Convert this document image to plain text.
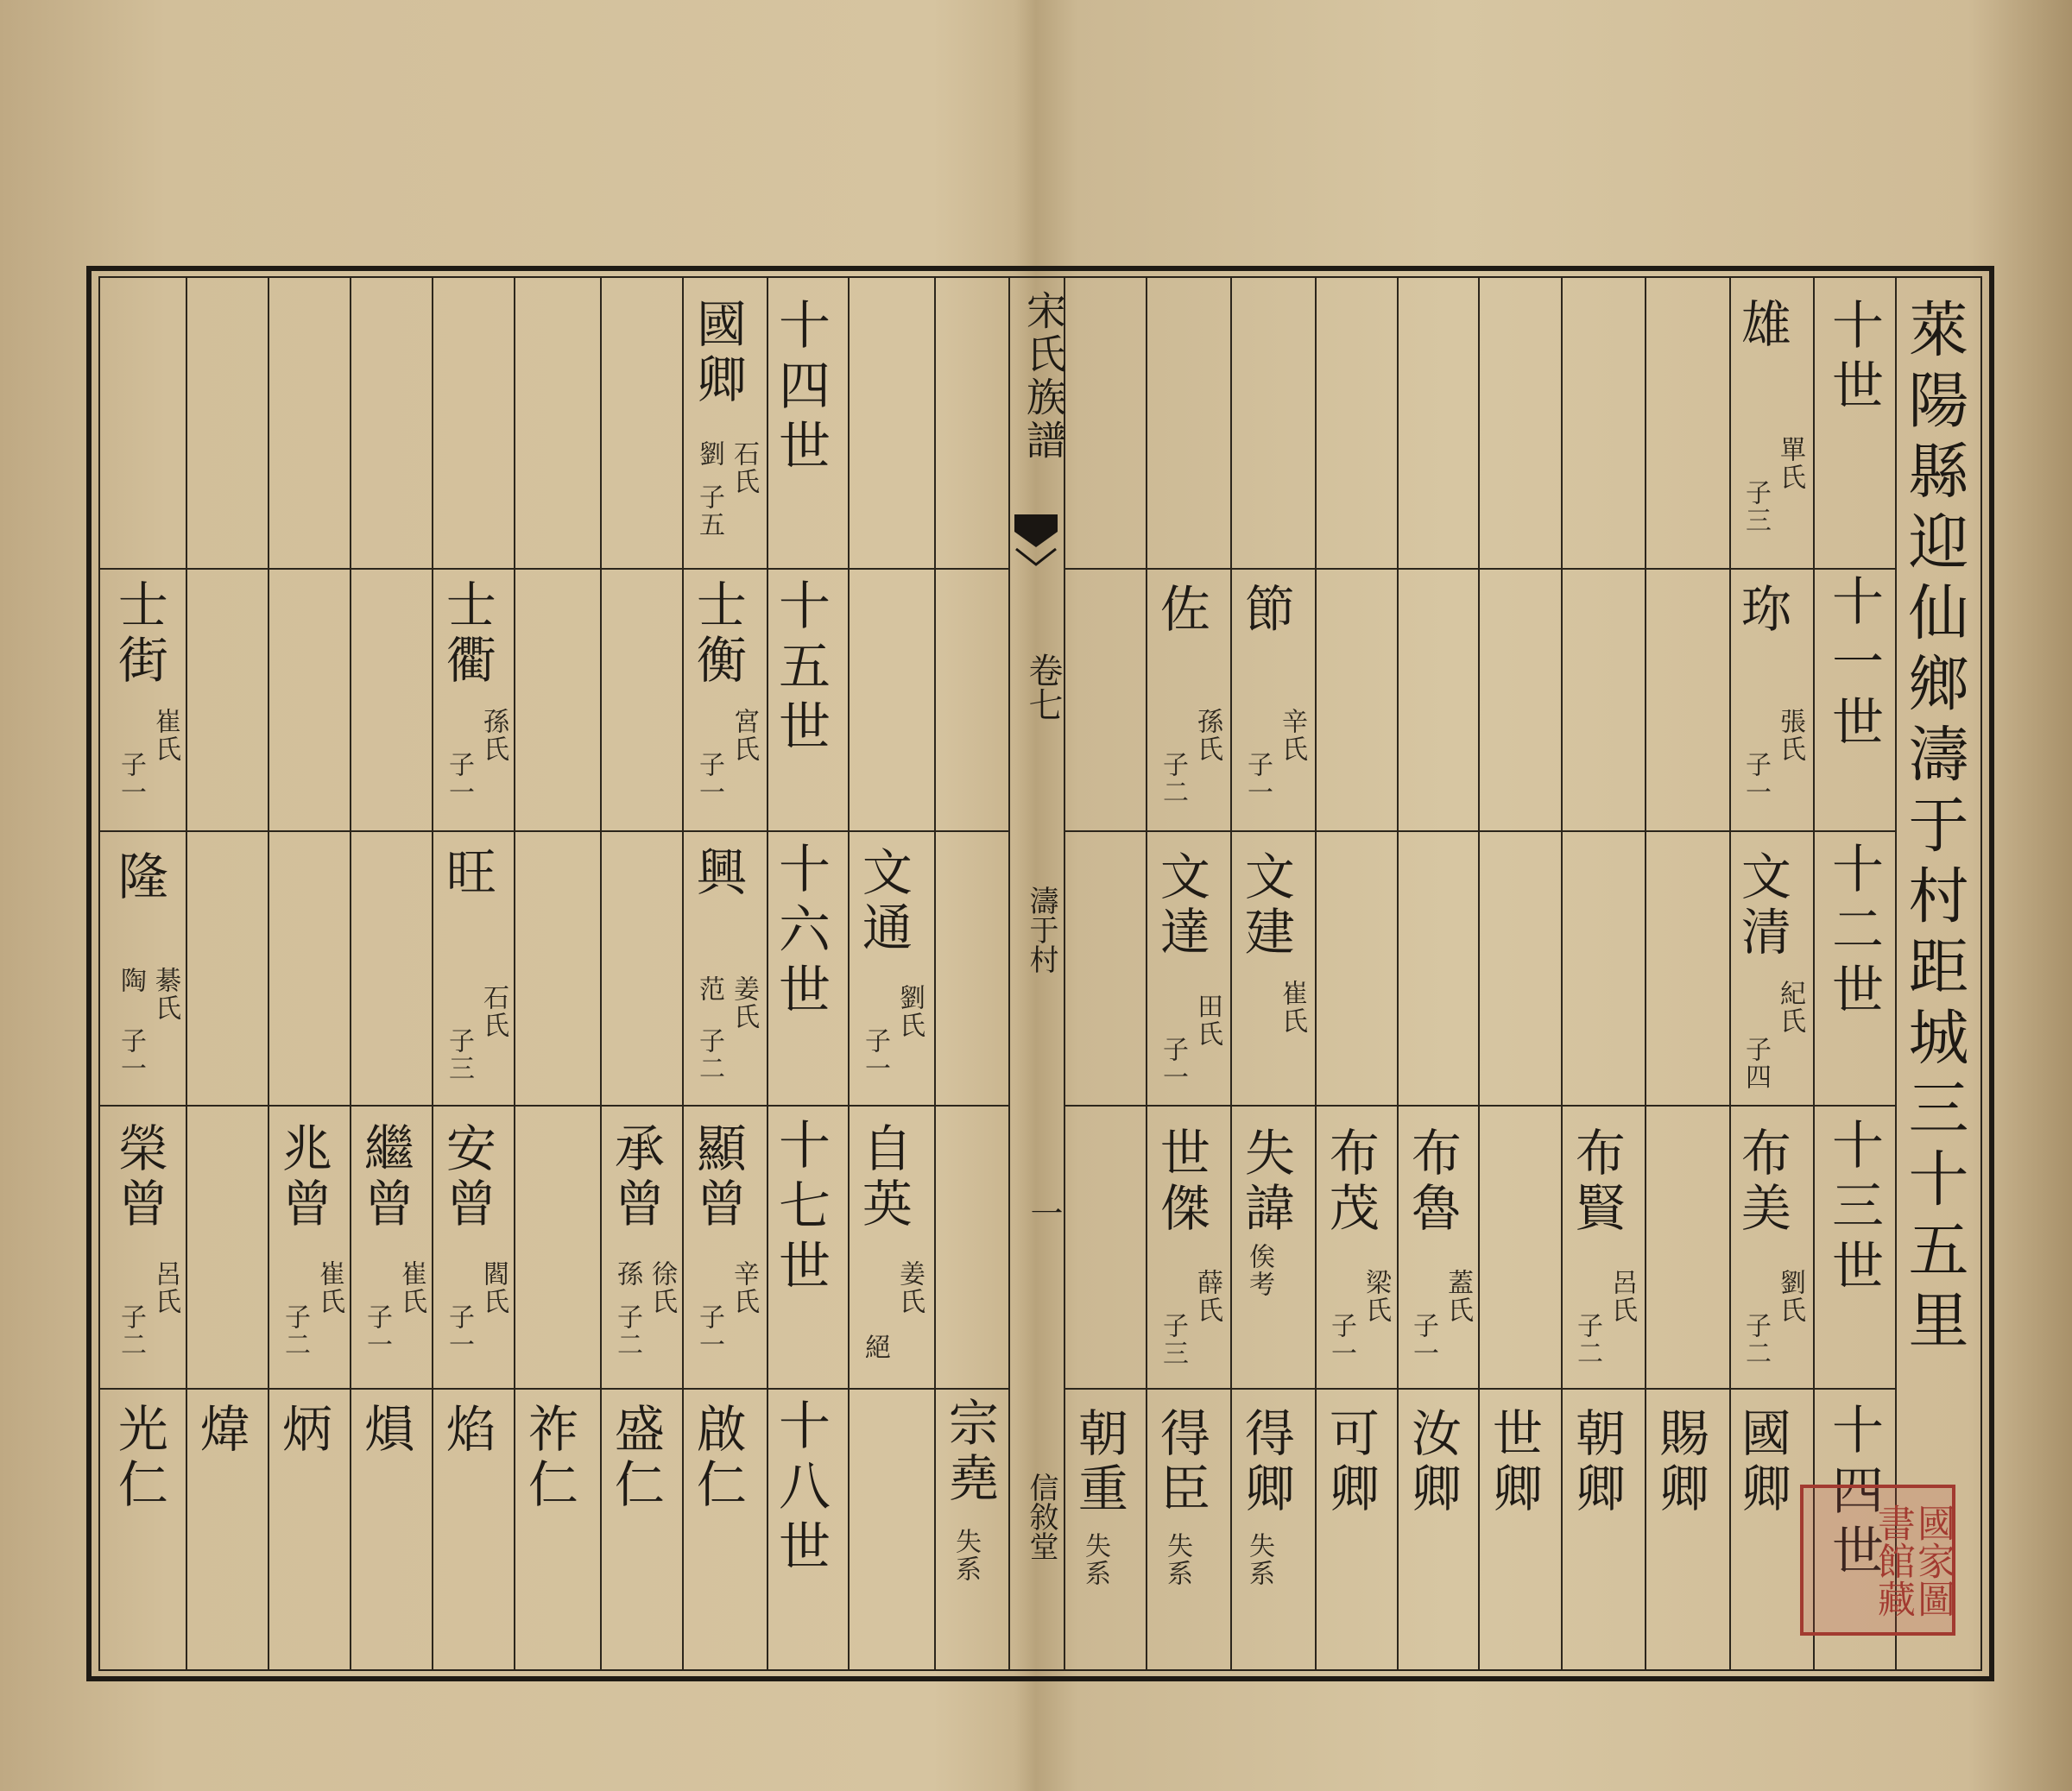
萊陽縣迎仙鄉濤于村距城三十五里
十世
十一世
十二世
十三世
十四世
雄
單氏
子三
珎
張氏
子一
文清
紀氏
子四
布美
劉氏
子二
國卿
賜卿
布賢
呂氏
子二
朝卿
世卿
布魯
蓋氏
子一
汝卿
布茂
梁氏
子一
可卿
節
辛氏
子一
文建
崔氏
失諱
俟考
得卿
失系
佐
孫氏
子二
文達
田氏
子一
世傑
薛氏
子三
得臣
失系
朝重
失系
宋氏族譜
卷七
濤于村
一
信敘堂
十四世
十五世
十六世
十七世
十八世 宗堯
失系
文通
劉氏
子一
自英
姜氏
絕
國卿
石氏
劉
子五
士衡
宮氏
子一
興
姜氏
范
子二
顯曾
辛氏
子一
啟仁
承曾
徐氏
孫
子二
盛仁
祚仁
士衢
孫氏
子一
旺
石氏
子三
安曾
閻氏
子一
焰
繼曾
崔氏
子一
熉
兆曾
崔氏
子二
炳
煒
士街
崔氏
子一
隆
綦氏
陶
子一
榮曾
呂氏
子二
光仁
國家圖書館藏
